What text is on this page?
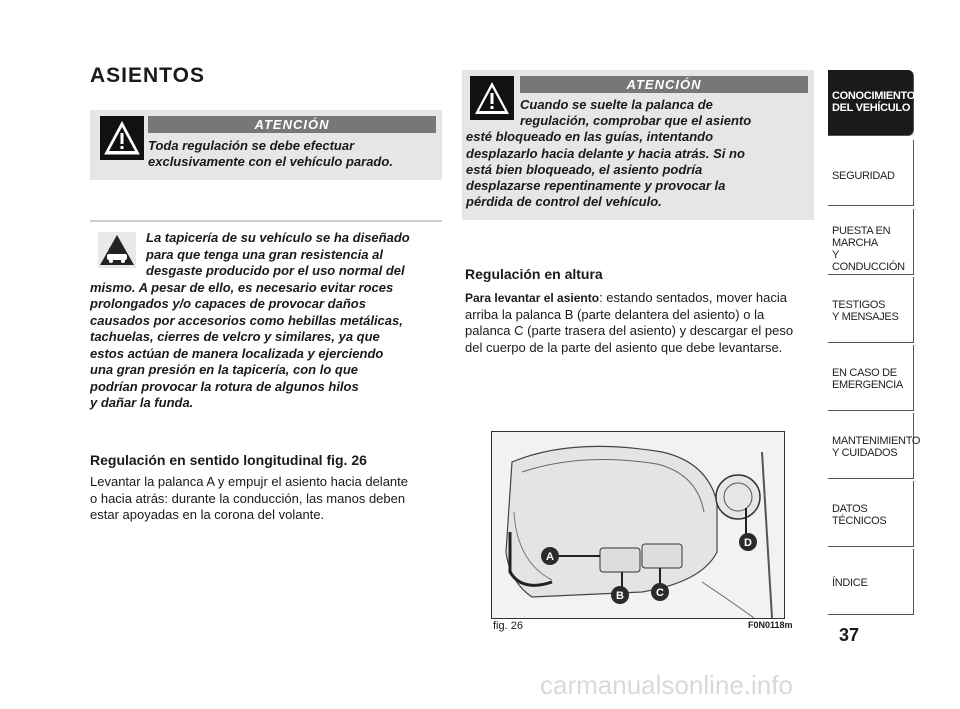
ASIENTOS
ATENCIÓN
Toda regulación se debe efectuar
exclusivamente con el vehículo parado.
La tapicería de su vehículo se ha diseñado
para que tenga una gran resistencia al
desgaste producido por el uso normal del
mismo. A pesar de ello, es necesario evitar roces
prolongados y/o capaces de provocar daños
causados por accesorios como hebillas metálicas,
tachuelas, cierres de velcro y similares, ya que
estos actúan de manera localizada y ejerciendo
una gran presión en la tapicería, con lo que
podrían provocar la rotura de algunos hilos
y dañar la funda.
Regulación en sentido longitudinal fig. 26
Levantar la palanca A y empujr el asiento hacia delante
o hacia atrás: durante la conducción, las manos deben
estar apoyadas en la corona del volante.
ATENCIÓN
Cuando se suelte la palanca de
regulación, comprobar que el asiento
esté bloqueado en las guías, intentando
desplazarlo hacia delante y hacia atrás. Si no
está bien bloqueado, el asiento podría
desplazarse repentinamente y provocar la
pérdida de control del vehículo.
Regulación en altura
Para levantar el asiento: estando sentados, mover hacia
arriba la palanca B (parte delantera del asiento) o la
palanca C (parte trasera del asiento) y descargar el peso
del cuerpo de la parte del asiento que debe levantarse.
A
B	C
D
fig. 26	F0N0118m
CONOCIMIENTO
DEL VEHÍCULO
SEGURIDAD
PUESTA EN
MARCHA
Y CONDUCCIÓN
TESTIGOS
Y MENSAJES
EN CASO DE
EMERGENCIA
MANTENIMIENTO
Y CUIDADOS
DATOS
TÉCNICOS
ÍNDICE
37
carmanualsonline.info
